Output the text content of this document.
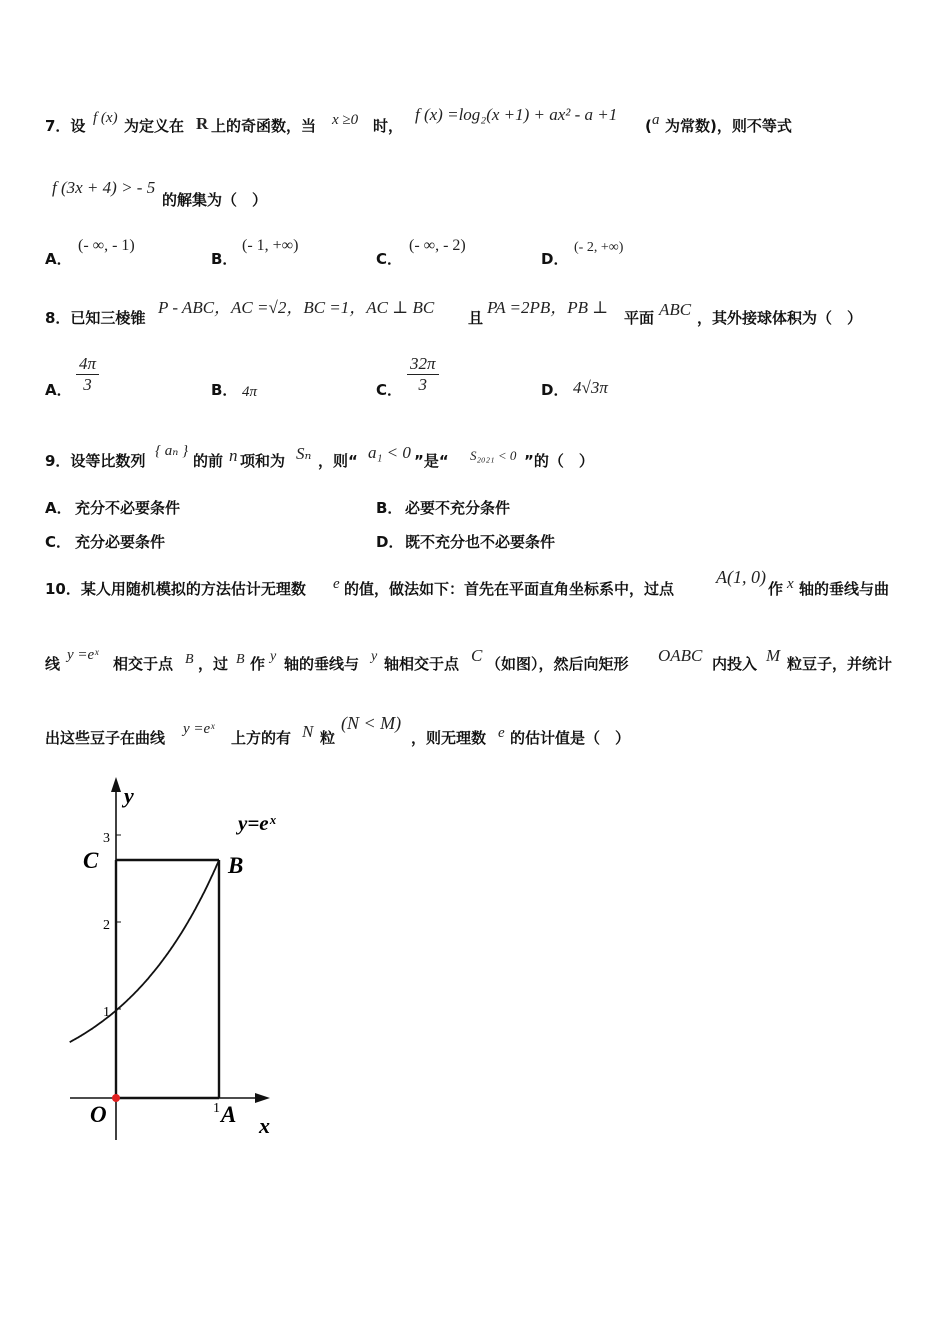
7．设 f (x) 为定义在 R 上的奇函数，当 x ≥0 时，
f (x) =log₂(x +1) + ax² - a +1
( a 为常数)，则不等式
f (3x + 4) > - 5
的解集为（　）
A．
(- ∞, - 1)
B．
(- 1, +∞)
C．
(- ∞, - 2)
D．
(- 2, +∞)
8．已知三棱锥
P - ABC，AC =√2，BC =1，AC ⊥ BC
且
PA =2PB，PB ⊥
平面 ABC ，其外接球体积为（　）
A． $\frac{4\pi}{3}$	B． 4π	C． $\frac{32\pi}{3}$	D． 4√3π
9．设等比数列
{ aₙ }
的前 n 项和为 Sₙ ，则“ a₁ < 0 ”是“ S₂₀₂₁ < 0 ”的（　）
A． 充分不必要条件	B． 必要不充分条件
C． 充分必要条件	D． 既不充分也不必要条件
10．某人用随机模拟的方法估计无理数 e 的值，做法如下：首先在平面直角坐标系中，过点
A(1, 0)
作 x 轴的垂线与曲
线 y =eˣ 相交于点 B ，过 B 作 y 轴的垂线与 y 轴相交于点 C （如图），然后向矩形 OABC 内投入 M 粒豆子，并统计
出这些豆子在曲线 y =eˣ 上方的有 N 粒
(N < M)
，则无理数 e 的估计值是（　）
y
x
y=eˣ
C	B
O	A
1
2
3
1
